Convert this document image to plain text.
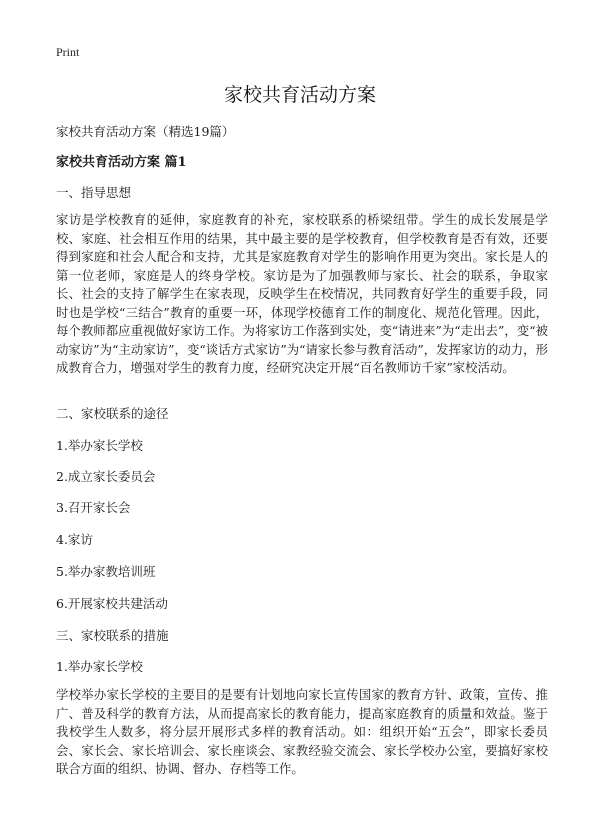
Print
家校共育活动方案

家校共育活动方案（精选19篇）

家校共育活动方案 篇1

一、指导思想

家访是学校教育的延伸，家庭教育的补充，家校联系的桥梁纽带。学生的成长发展是学校、家庭、社会相互作用的结果，其中最主要的是学校教育，但学校教育是否有效，还要得到家庭和社会人配合和支持，尤其是家庭教育对学生的影响作用更为突出。家长是人的第一位老师，家庭是人的终身学校。家访是为了加强教师与家长、社会的联系，争取家长、社会的支持了解学生在家表现，反映学生在校情况，共同教育好学生的重要手段，同时也是学校“三结合”教育的重要一环，体现学校德育工作的制度化、规范化管理。因此，每个教师都应重视做好家访工作。为将家访工作落到实处，变“请进来”为“走出去”，变“被动家访”为“主动家访”，变“谈话方式家访”为“请家长参与教育活动”，发挥家访的动力，形成教育合力，增强对学生的教育力度，经研究决定开展“百名教师访千家”家校活动。

二、家校联系的途径

1.举办家长学校

2.成立家长委员会

3.召开家长会

4.家访

5.举办家教培训班

6.开展家校共建活动

三、家校联系的措施

1.举办家长学校

学校举办家长学校的主要目的是要有计划地向家长宣传国家的教育方针、政策，宣传、推广、普及科学的教育方法，从而提高家长的教育能力，提高家庭教育的质量和效益。鉴于我校学生人数多，将分层开展形式多样的教育活动。如：组织开始“五会”，即家长委员会、家长会、家长培训会、家长座谈会、家教经验交流会、家长学校办公室，要搞好家校联合方面的组织、协调、督办、存档等工作。
